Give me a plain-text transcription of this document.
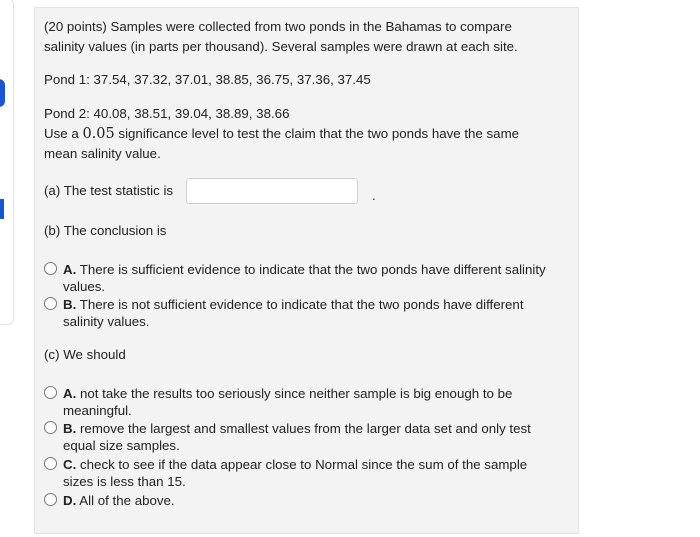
(20 points) Samples were collected from two ponds in the Bahamas to compare
salinity values (in parts per thousand). Several samples were drawn at each site.
Pond 1: 37.54, 37.32, 37.01, 38.85, 36.75, 37.36, 37.45
Pond 2: 40.08, 38.51, 39.04, 38.89, 38.66
Use a 0.05 significance level to test the claim that the two ponds have the same
mean salinity value.
(a) The test statistic is	.
(b) The conclusion is
A. There is sufficient evidence to indicate that the two ponds have different salinity
values.
B. There is not sufficient evidence to indicate that the two ponds have different
salinity values.
(c) We should
A. not take the results too seriously since neither sample is big enough to be
meaningful.
B. remove the largest and smallest values from the larger data set and only test
equal size samples.
C. check to see if the data appear close to Normal since the sum of the sample
sizes is less than 15.
D. All of the above.
